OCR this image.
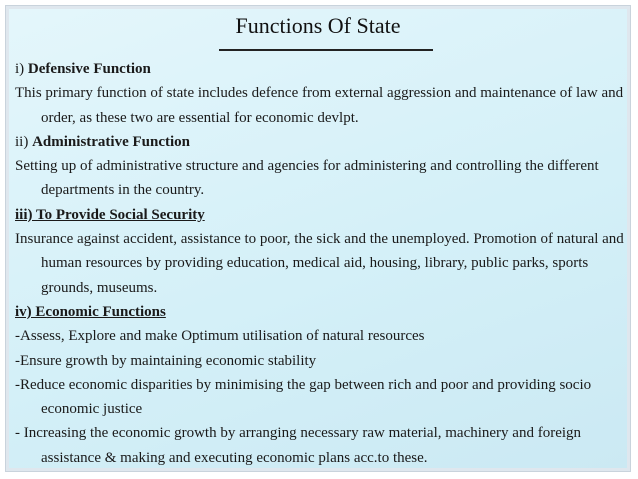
Functions Of State

i) Defensive Function

This primary function of state includes defence from external aggression and maintenance of law and order, as these two are essential for economic devlpt.

ii) Administrative Function

Setting up of administrative structure and agencies for administering and controlling the different departments in the country.

iii) To Provide Social Security

Insurance against accident, assistance to poor, the sick and the unemployed. Promotion of natural and human resources by providing education, medical aid, housing, library, public parks, sports grounds, museums.

iv) Economic Functions

-Assess, Explore and make Optimum utilisation of natural resources

-Ensure growth by maintaining economic stability

-Reduce economic disparities by minimising the gap between rich and poor and providing socio economic justice

- Increasing the economic growth by arranging necessary raw material, machinery and foreign assistance & making and executing economic plans acc.to these.
